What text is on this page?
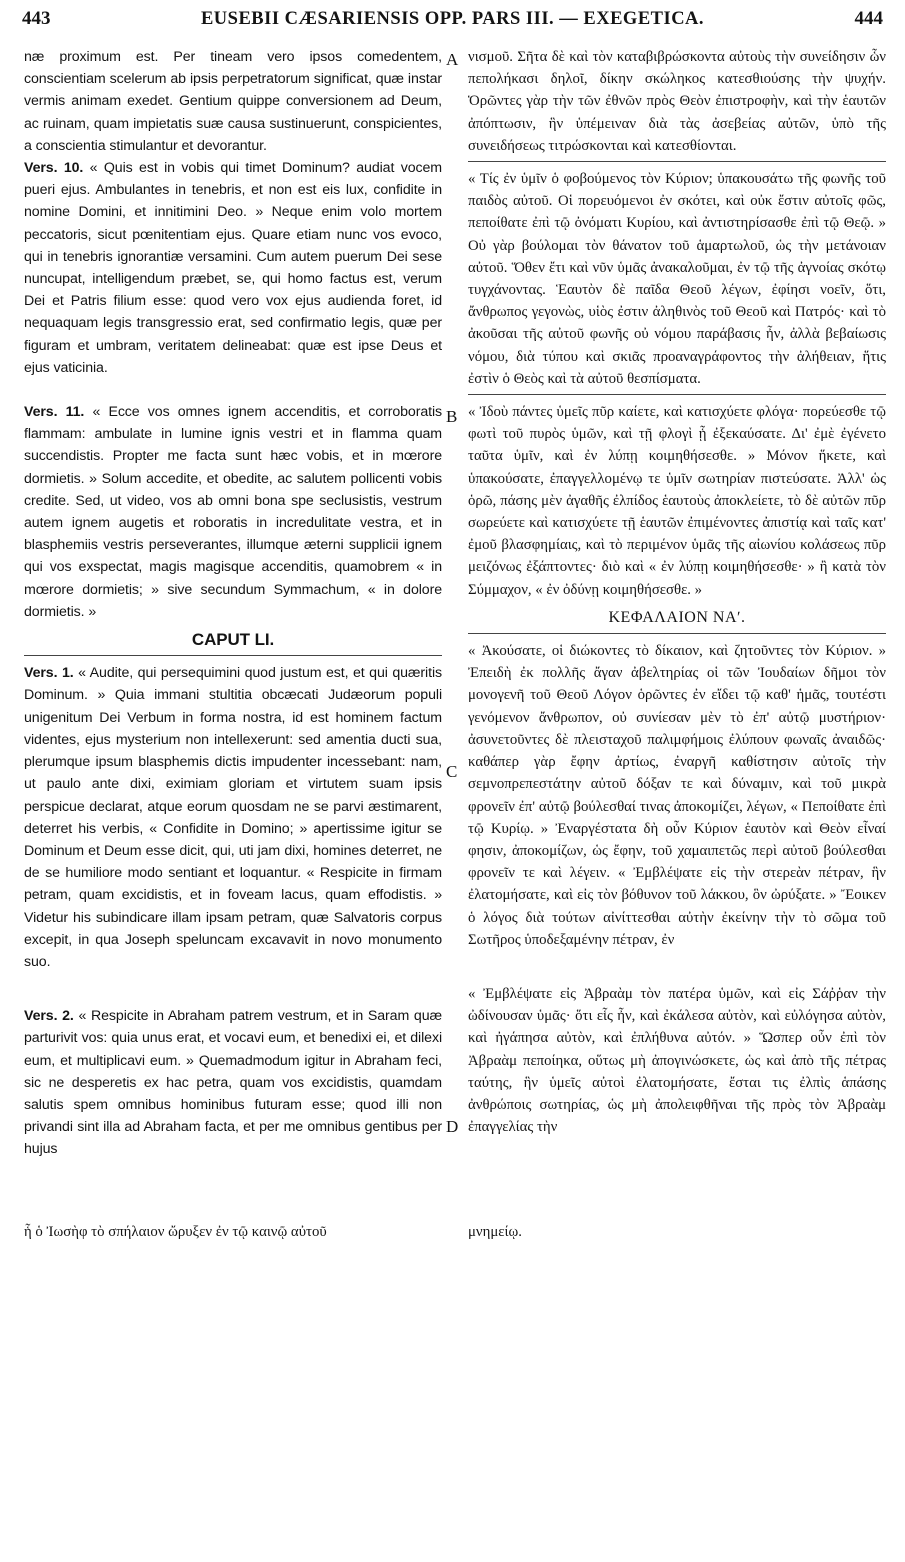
443	EUSEBII CÆSARIENSIS OPP. PARS III. — EXEGETICA.	444
A
B
C
D

næ proximum est. Per tineam vero ipsos comedentem, conscientiam scelerum ab ipsis perpetratorum significat, quæ instar vermis animam exedet. Gentium quippe conversionem ad Deum, ac ruinam, quam impietatis suæ causa sustinuerunt, conspicientes, a conscientia stimulantur et devorantur.

Vers. 10. « Quis est in vobis qui timet Dominum? audiat vocem pueri ejus. Ambulantes in tenebris, et non est eis lux, confidite in nomine Domini, et innitimini Deo. » Neque enim volo mortem peccatoris, sicut pœnitentiam ejus. Quare etiam nunc vos evoco, qui in tenebris ignorantiæ versamini. Cum autem puerum Dei sese nuncupat, intelligendum præbet, se, qui homo factus est, verum Dei et Patris filium esse: quod vero vox ejus audienda foret, id nequaquam legis transgressio erat, sed confirmatio legis, quæ per figuram et umbram, veritatem delineabat: quæ est ipse Deus et ejus vaticinia.

Vers. 11. « Ecce vos omnes ignem accenditis, et corroboratis flammam: ambulate in lumine ignis vestri et in flamma quam succendistis. Propter me facta sunt hæc vobis, et in mœrore dormietis. » Solum accedite, et obedite, ac salutem pollicenti vobis credite. Sed, ut video, vos ab omni bona spe seclusistis, vestrum autem ignem augetis et roboratis in incredulitate vestra, et in blasphemiis vestris perseverantes, illumque æterni supplicii ignem qui vos exspectat, magis magisque accenditis, quamobrem « in mœrore dormietis; » sive secundum Symmachum, « in dolore dormietis. »

CAPUT LI.

Vers. 1. « Audite, qui persequimini quod justum est, et qui quæritis Dominum. » Quia immani stultitia obcæcati Judæorum populi unigenitum Dei Verbum in forma nostra, id est hominem factum videntes, ejus mysterium non intellexerunt: sed amentia ducti sua, plerumque ipsum blasphemis dictis impudenter incessebant: nam, ut paulo ante dixi, eximiam gloriam et virtutem suam ipsis perspicue declarat, atque eorum quosdam ne se parvi æstimarent, deterret his verbis, « Confidite in Domino; » apertissime igitur se Dominum et Deum esse dicit, qui, uti jam dixi, homines deterret, ne de se humiliore modo sentiant et loquantur. « Respicite in firmam petram, quam excidistis, et in foveam lacus, quam effodistis. » Videtur his subindicare illam ipsam petram, quæ Salvatoris corpus excepit, in qua Joseph speluncam excavavit in novo monumento suo.

Vers. 2. « Respicite in Abraham patrem vestrum, et in Saram quæ parturivit vos: quia unus erat, et vocavi eum, et benedixi ei, et dilexi eum, et multiplicavi eum. » Quemadmodum igitur in Abraham feci, sic ne desperetis ex hac petra, quam vos excidistis, quamdam salutis spem omnibus hominibus futuram esse; quod illi non privandi sint illa ad Abraham facta, et per me omnibus gentibus per hujus

νισμοῦ. Σῆτα δὲ καὶ τὸν καταβιβρώσκοντα αὐτοὺς τὴν συνείδησιν ὧν πεπολήκασι δηλοῖ, δίκην σκώληκος κατεσθιούσης τὴν ψυχήν. Ὁρῶντες γὰρ τὴν τῶν ἐθνῶν πρὸς Θεὸν ἐπιστροφὴν, καὶ τὴν ἑαυτῶν ἀπόπτωσιν, ἣν ὑπέμειναν διὰ τὰς ἀσεβείας αὐτῶν, ὑπὸ τῆς συνειδήσεως τιτρώσκονται καὶ κατεσθίονται.

« Τίς ἐν ὑμῖν ὁ φοβούμενος τὸν Κύριον; ὑπακουσάτω τῆς φωνῆς τοῦ παιδὸς αὐτοῦ. Οἱ πορευόμενοι ἐν σκότει, καὶ οὐκ ἔστιν αὐτοῖς φῶς, πεποίθατε ἐπὶ τῷ ὀνόματι Κυρίου, καὶ ἀντιστηρίσασθε ἐπὶ τῷ Θεῷ. » Οὐ γὰρ βούλομαι τὸν θάνατον τοῦ ἁμαρτωλοῦ, ὡς τὴν μετάνοιαν αὐτοῦ. Ὅθεν ἔτι καὶ νῦν ὑμᾶς ἀνακαλοῦμαι, ἐν τῷ τῆς ἀγνοίας σκότῳ τυγχάνοντας. Ἑαυτὸν δὲ παῖδα Θεοῦ λέγων, ἐφίησι νοεῖν, ὅτι, ἄνθρωπος γεγονὼς, υἱὸς ἐστιν ἀληθινὸς τοῦ Θεοῦ καὶ Πατρός· καὶ τὸ ἀκοῦσαι τῆς αὐτοῦ φωνῆς οὐ νόμου παράβασις ἦν, ἀλλὰ βεβαίωσις νόμου, διὰ τύπου καὶ σκιᾶς προαναγράφοντος τὴν ἀλήθειαν, ἥτις ἐστὶν ὁ Θεὸς καὶ τὰ αὐτοῦ θεσπίσματα.

« Ἰδοὺ πάντες ὑμεῖς πῦρ καίετε, καὶ κατισχύετε φλόγα· πορεύεσθε τῷ φωτὶ τοῦ πυρὸς ὑμῶν, καὶ τῇ φλογὶ ᾗ ἐξεκαύσατε. Δι' ἐμὲ ἐγένετο ταῦτα ὑμῖν, καὶ ἐν λύπῃ κοιμηθήσεσθε. » Μόνον ἥκετε, καὶ ὑπακούσατε, ἐπαγγελλομένῳ τε ὑμῖν σωτηρίαν πιστεύσατε. Ἀλλ' ὡς ὁρῶ, πάσης μὲν ἀγαθῆς ἐλπίδος ἑαυτοὺς ἀποκλείετε, τὸ δὲ αὐτῶν πῦρ σωρεύετε καὶ κατισχύετε τῇ ἑαυτῶν ἐπιμένοντες ἀπιστίᾳ καὶ ταῖς κατ' ἐμοῦ βλασφημίαις, καὶ τὸ περιμένον ὑμᾶς τῆς αἰωνίου κολάσεως πῦρ μειζόνως ἐξάπτοντες· διὸ καὶ « ἐν λύπῃ κοιμηθήσεσθε· » ἢ κατὰ τὸν Σύμμαχον, « ἐν ὀδύνῃ κοιμηθήσεσθε. »

ΚΕΦΑΛΑΙΟΝ ΝΑʹ.

« Ἀκούσατε, οἱ διώκοντες τὸ δίκαιον, καὶ ζητοῦντες τὸν Κύριον. » Ἐπειδὴ ἐκ πολλῆς ἄγαν ἀβελτηρίας οἱ τῶν Ἰουδαίων δῆμοι τὸν μονογενῆ τοῦ Θεοῦ Λόγον ὁρῶντες ἐν εἴδει τῷ καθ' ἡμᾶς, τουτέστι γενόμενον ἄνθρωπον, οὐ συνίεσαν μὲν τὸ ἐπ' αὐτῷ μυστήριον· ἀσυνετοῦντες δὲ πλεισταχοῦ παλιμφήμοις ἐλύπουν φωναῖς ἀναιδῶς· καθάπερ γὰρ ἔφην ἀρτίως, ἐναργῆ καθίστησιν αὐτοῖς τὴν σεμνοπρεπεστάτην αὐτοῦ δόξαν τε καὶ δύναμιν, καὶ τοῦ μικρὰ φρονεῖν ἐπ' αὐτῷ βούλεσθαί τινας ἀποκομίζει, λέγων, « Πεποίθατε ἐπὶ τῷ Κυρίῳ. » Ἐναργέστατα δὴ οὖν Κύριον ἑαυτὸν καὶ Θεὸν εἶναί φησιν, ἀποκομίζων, ὡς ἔφην, τοῦ χαμαιπετῶς περὶ αὐτοῦ βούλεσθαι φρονεῖν τε καὶ λέγειν. « Ἐμβλέψατε εἰς τὴν στερεὰν πέτραν, ἣν ἐλατομήσατε, καὶ εἰς τὸν βόθυνον τοῦ λάκκου, ὃν ὠρύξατε. » Ἔοικεν ὁ λόγος διὰ τούτων αἰνίττεσθαι αὐτὴν ἐκείνην τὴν τὸ σῶμα τοῦ Σωτῆρος ὑποδεξαμένην πέτραν, ἐν

« Ἐμβλέψατε εἰς Ἀβραὰμ τὸν πατέρα ὑμῶν, καὶ εἰς Σάῤῥαν τὴν ὠδίνουσαν ὑμᾶς· ὅτι εἷς ἦν, καὶ ἐκάλεσα αὐτὸν, καὶ εὐλόγησα αὐτὸν, καὶ ἠγάπησα αὐτὸν, καὶ ἐπλήθυνα αὐτόν. » Ὥσπερ οὖν ἐπὶ τὸν Ἀβραὰμ πεποίηκα, οὕτως μὴ ἀπογινώσκετε, ὡς καὶ ἀπὸ τῆς πέτρας ταύτης, ἣν ὑμεῖς αὐτοὶ ἐλατομήσατε, ἔσται τις ἐλπὶς ἁπάσης ἀνθρώποις σωτηρίας, ὡς μὴ ἀπολειφθῆναι τῆς πρὸς τὸν Ἀβραὰμ ἐπαγγελίας τὴν

ἧ ὁ Ἰωσὴφ τὸ σπήλαιον ὤρυξεν ἐν τῷ καινῷ αὐτοῦ	μνημείῳ.
